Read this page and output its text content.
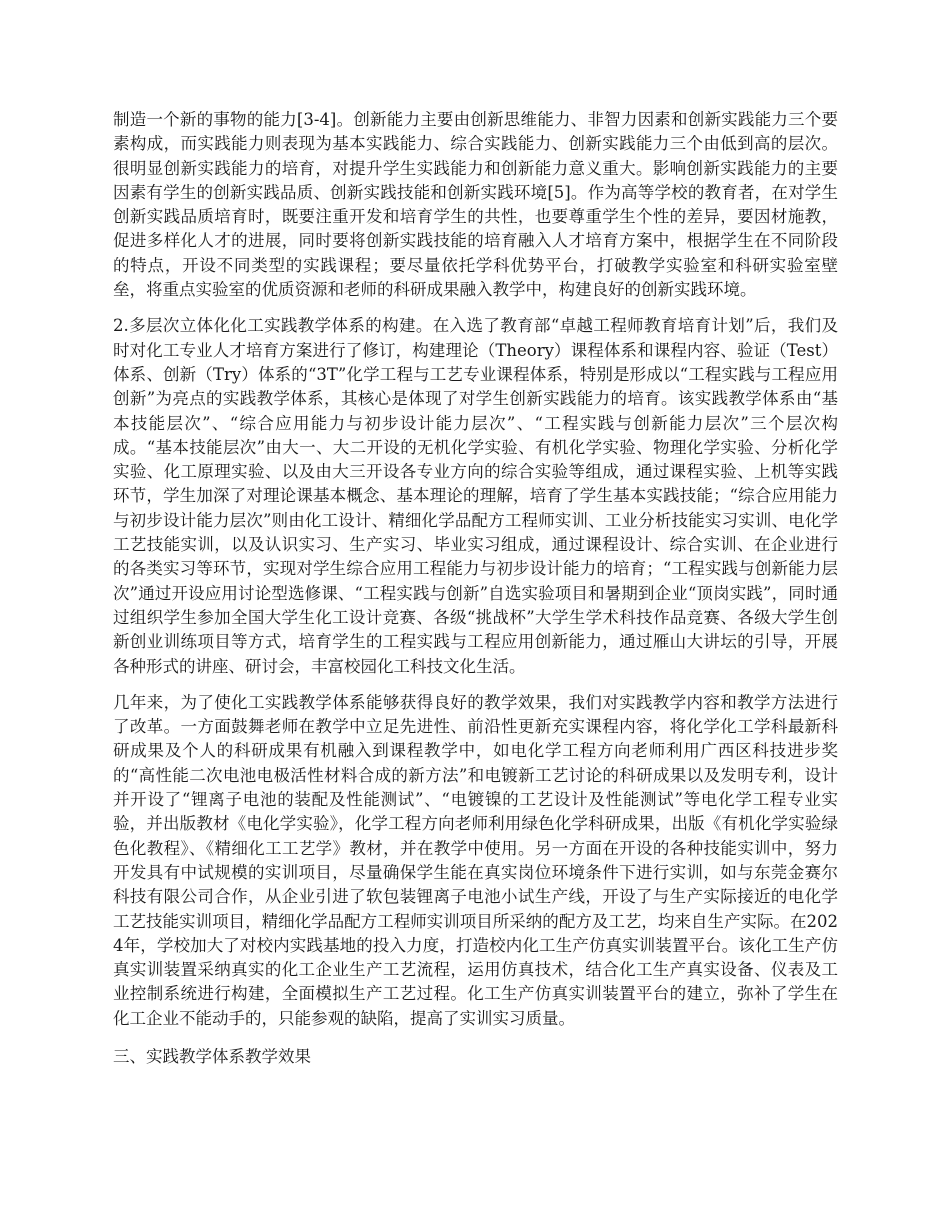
制造一个新的事物的能力[3-4]。创新能力主要由创新思维能力、非智力因素和创新实践能力三个要素构成，而实践能力则表现为基本实践能力、综合实践能力、创新实践能力三个由低到高的层次。很明显创新实践能力的培育，对提升学生实践能力和创新能力意义重大。影响创新实践能力的主要因素有学生的创新实践品质、创新实践技能和创新实践环境[5]。作为高等学校的教育者，在对学生创新实践品质培育时，既要注重开发和培育学生的共性，也要尊重学生个性的差异，要因材施教，促进多样化人才的进展，同时要将创新实践技能的培育融入人才培育方案中，根据学生在不同阶段的特点，开设不同类型的实践课程；要尽量依托学科优势平台，打破教学实验室和科研实验室壁垒，将重点实验室的优质资源和老师的科研成果融入教学中，构建良好的创新实践环境。

2.多层次立体化化工实践教学体系的构建。在入选了教育部“卓越工程师教育培育计划”后，我们及时对化工专业人才培育方案进行了修订，构建理论（Theory）课程体系和课程内容、验证（Test）体系、创新（Try）体系的“3T”化学工程与工艺专业课程体系，特别是形成以“工程实践与工程应用创新”为亮点的实践教学体系，其核心是体现了对学生创新实践能力的培育。该实践教学体系由“基本技能层次”、“综合应用能力与初步设计能力层次”、“工程实践与创新能力层次”三个层次构成。“基本技能层次”由大一、大二开设的无机化学实验、有机化学实验、物理化学实验、分析化学实验、化工原理实验、以及由大三开设各专业方向的综合实验等组成，通过课程实验、上机等实践环节，学生加深了对理论课基本概念、基本理论的理解，培育了学生基本实践技能；“综合应用能力与初步设计能力层次”则由化工设计、精细化学品配方工程师实训、工业分析技能实习实训、电化学工艺技能实训，以及认识实习、生产实习、毕业实习组成，通过课程设计、综合实训、在企业进行的各类实习等环节，实现对学生综合应用工程能力与初步设计能力的培育；“工程实践与创新能力层次”通过开设应用讨论型选修课、“工程实践与创新”自选实验项目和暑期到企业“顶岗实践”，同时通过组织学生参加全国大学生化工设计竞赛、各级“挑战杯”大学生学术科技作品竞赛、各级大学生创新创业训练项目等方式，培育学生的工程实践与工程应用创新能力，通过雁山大讲坛的引导，开展各种形式的讲座、研讨会，丰富校园化工科技文化生活。

几年来，为了使化工实践教学体系能够获得良好的教学效果，我们对实践教学内容和教学方法进行了改革。一方面鼓舞老师在教学中立足先进性、前沿性更新充实课程内容，将化学化工学科最新科研成果及个人的科研成果有机融入到课程教学中，如电化学工程方向老师利用广西区科技进步奖的“高性能二次电池电极活性材料合成的新方法”和电镀新工艺讨论的科研成果以及发明专利，设计并开设了“锂离子电池的装配及性能测试”、“电镀镍的工艺设计及性能测试”等电化学工程专业实验，并出版教材《电化学实验》，化学工程方向老师利用绿色化学科研成果，出版《有机化学实验绿色化教程》、《精细化工工艺学》教材，并在教学中使用。另一方面在开设的各种技能实训中，努力开发具有中试规模的实训项目，尽量确保学生能在真实岗位环境条件下进行实训，如与东莞金赛尔科技有限公司合作，从企业引进了软包装锂离子电池小试生产线，开设了与生产实际接近的电化学工艺技能实训项目，精细化学品配方工程师实训项目所采纳的配方及工艺，均来自生产实际。在2024年，学校加大了对校内实践基地的投入力度，打造校内化工生产仿真实训装置平台。该化工生产仿真实训装置采纳真实的化工企业生产工艺流程，运用仿真技术，结合化工生产真实设备、仪表及工业控制系统进行构建，全面模拟生产工艺过程。化工生产仿真实训装置平台的建立，弥补了学生在化工企业不能动手的，只能参观的缺陷，提高了实训实习质量。

三、实践教学体系教学效果
